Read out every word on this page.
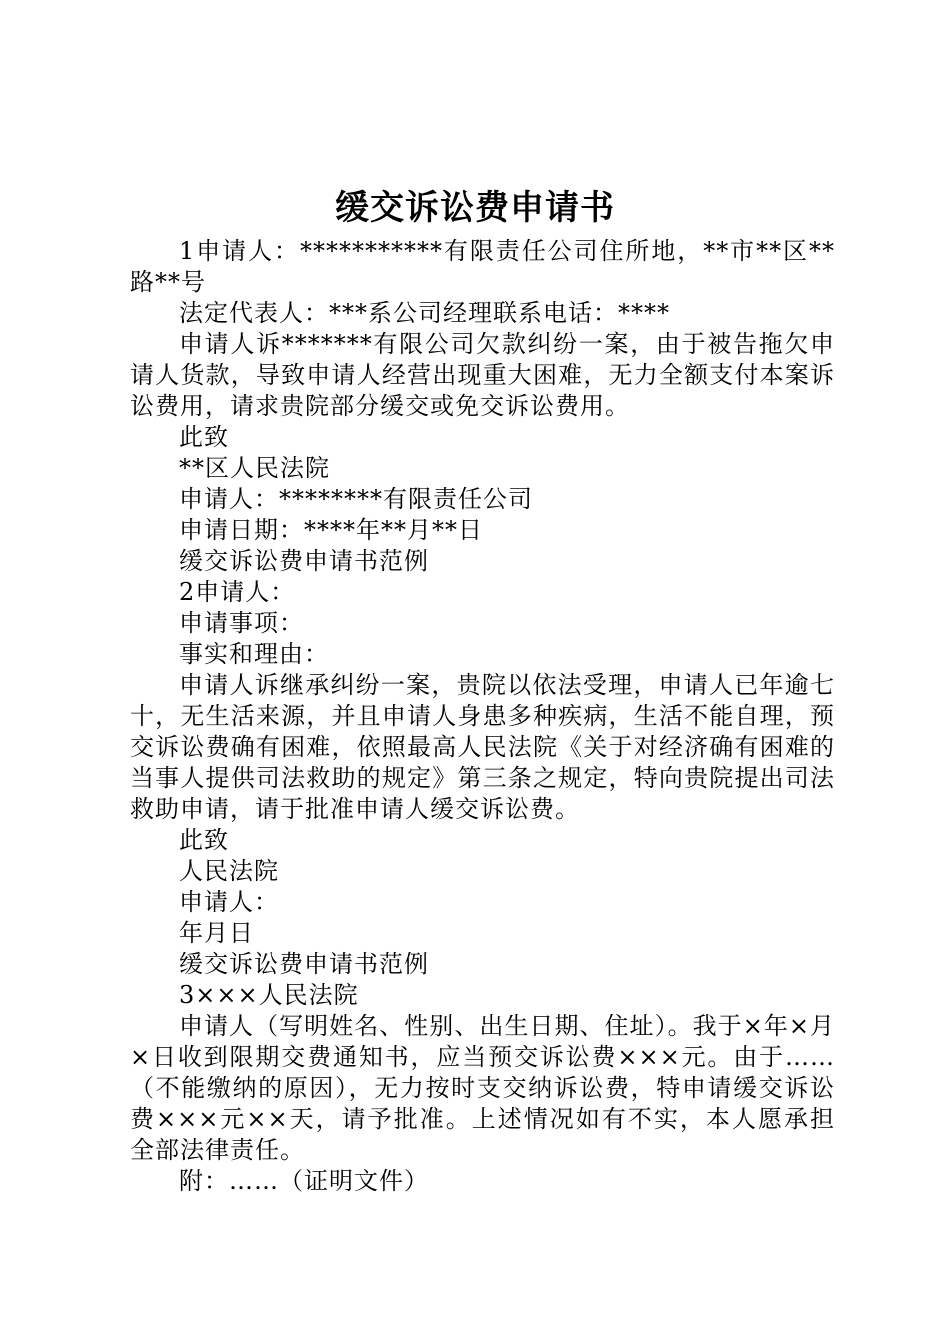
缓交诉讼费申请书

1申请人：***********有限责任公司住所地，**市**区**路**号

法定代表人：***系公司经理联系电话：****

申请人诉*******有限公司欠款纠纷一案，由于被告拖欠申请人货款，导致申请人经营出现重大困难，无力全额支付本案诉讼费用，请求贵院部分缓交或免交诉讼费用。

此致

**区人民法院

申请人：********有限责任公司

申请日期：****年**月**日

缓交诉讼费申请书范例

2申请人：

申请事项：

事实和理由：

申请人诉继承纠纷一案，贵院以依法受理，申请人已年逾七十，无生活来源，并且申请人身患多种疾病，生活不能自理，预交诉讼费确有困难，依照最高人民法院《关于对经济确有困难的当事人提供司法救助的规定》第三条之规定，特向贵院提出司法救助申请，请于批准申请人缓交诉讼费。

此致

人民法院

申请人：

年月日

缓交诉讼费申请书范例

3×××人民法院

申请人（写明姓名、性别、出生日期、住址）。我于×年×月×日收到限期交费通知书，应当预交诉讼费×××元。由于……（不能缴纳的原因），无力按时支交纳诉讼费，特申请缓交诉讼费×××元××天，请予批准。上述情况如有不实，本人愿承担全部法律责任。

附：……（证明文件）
